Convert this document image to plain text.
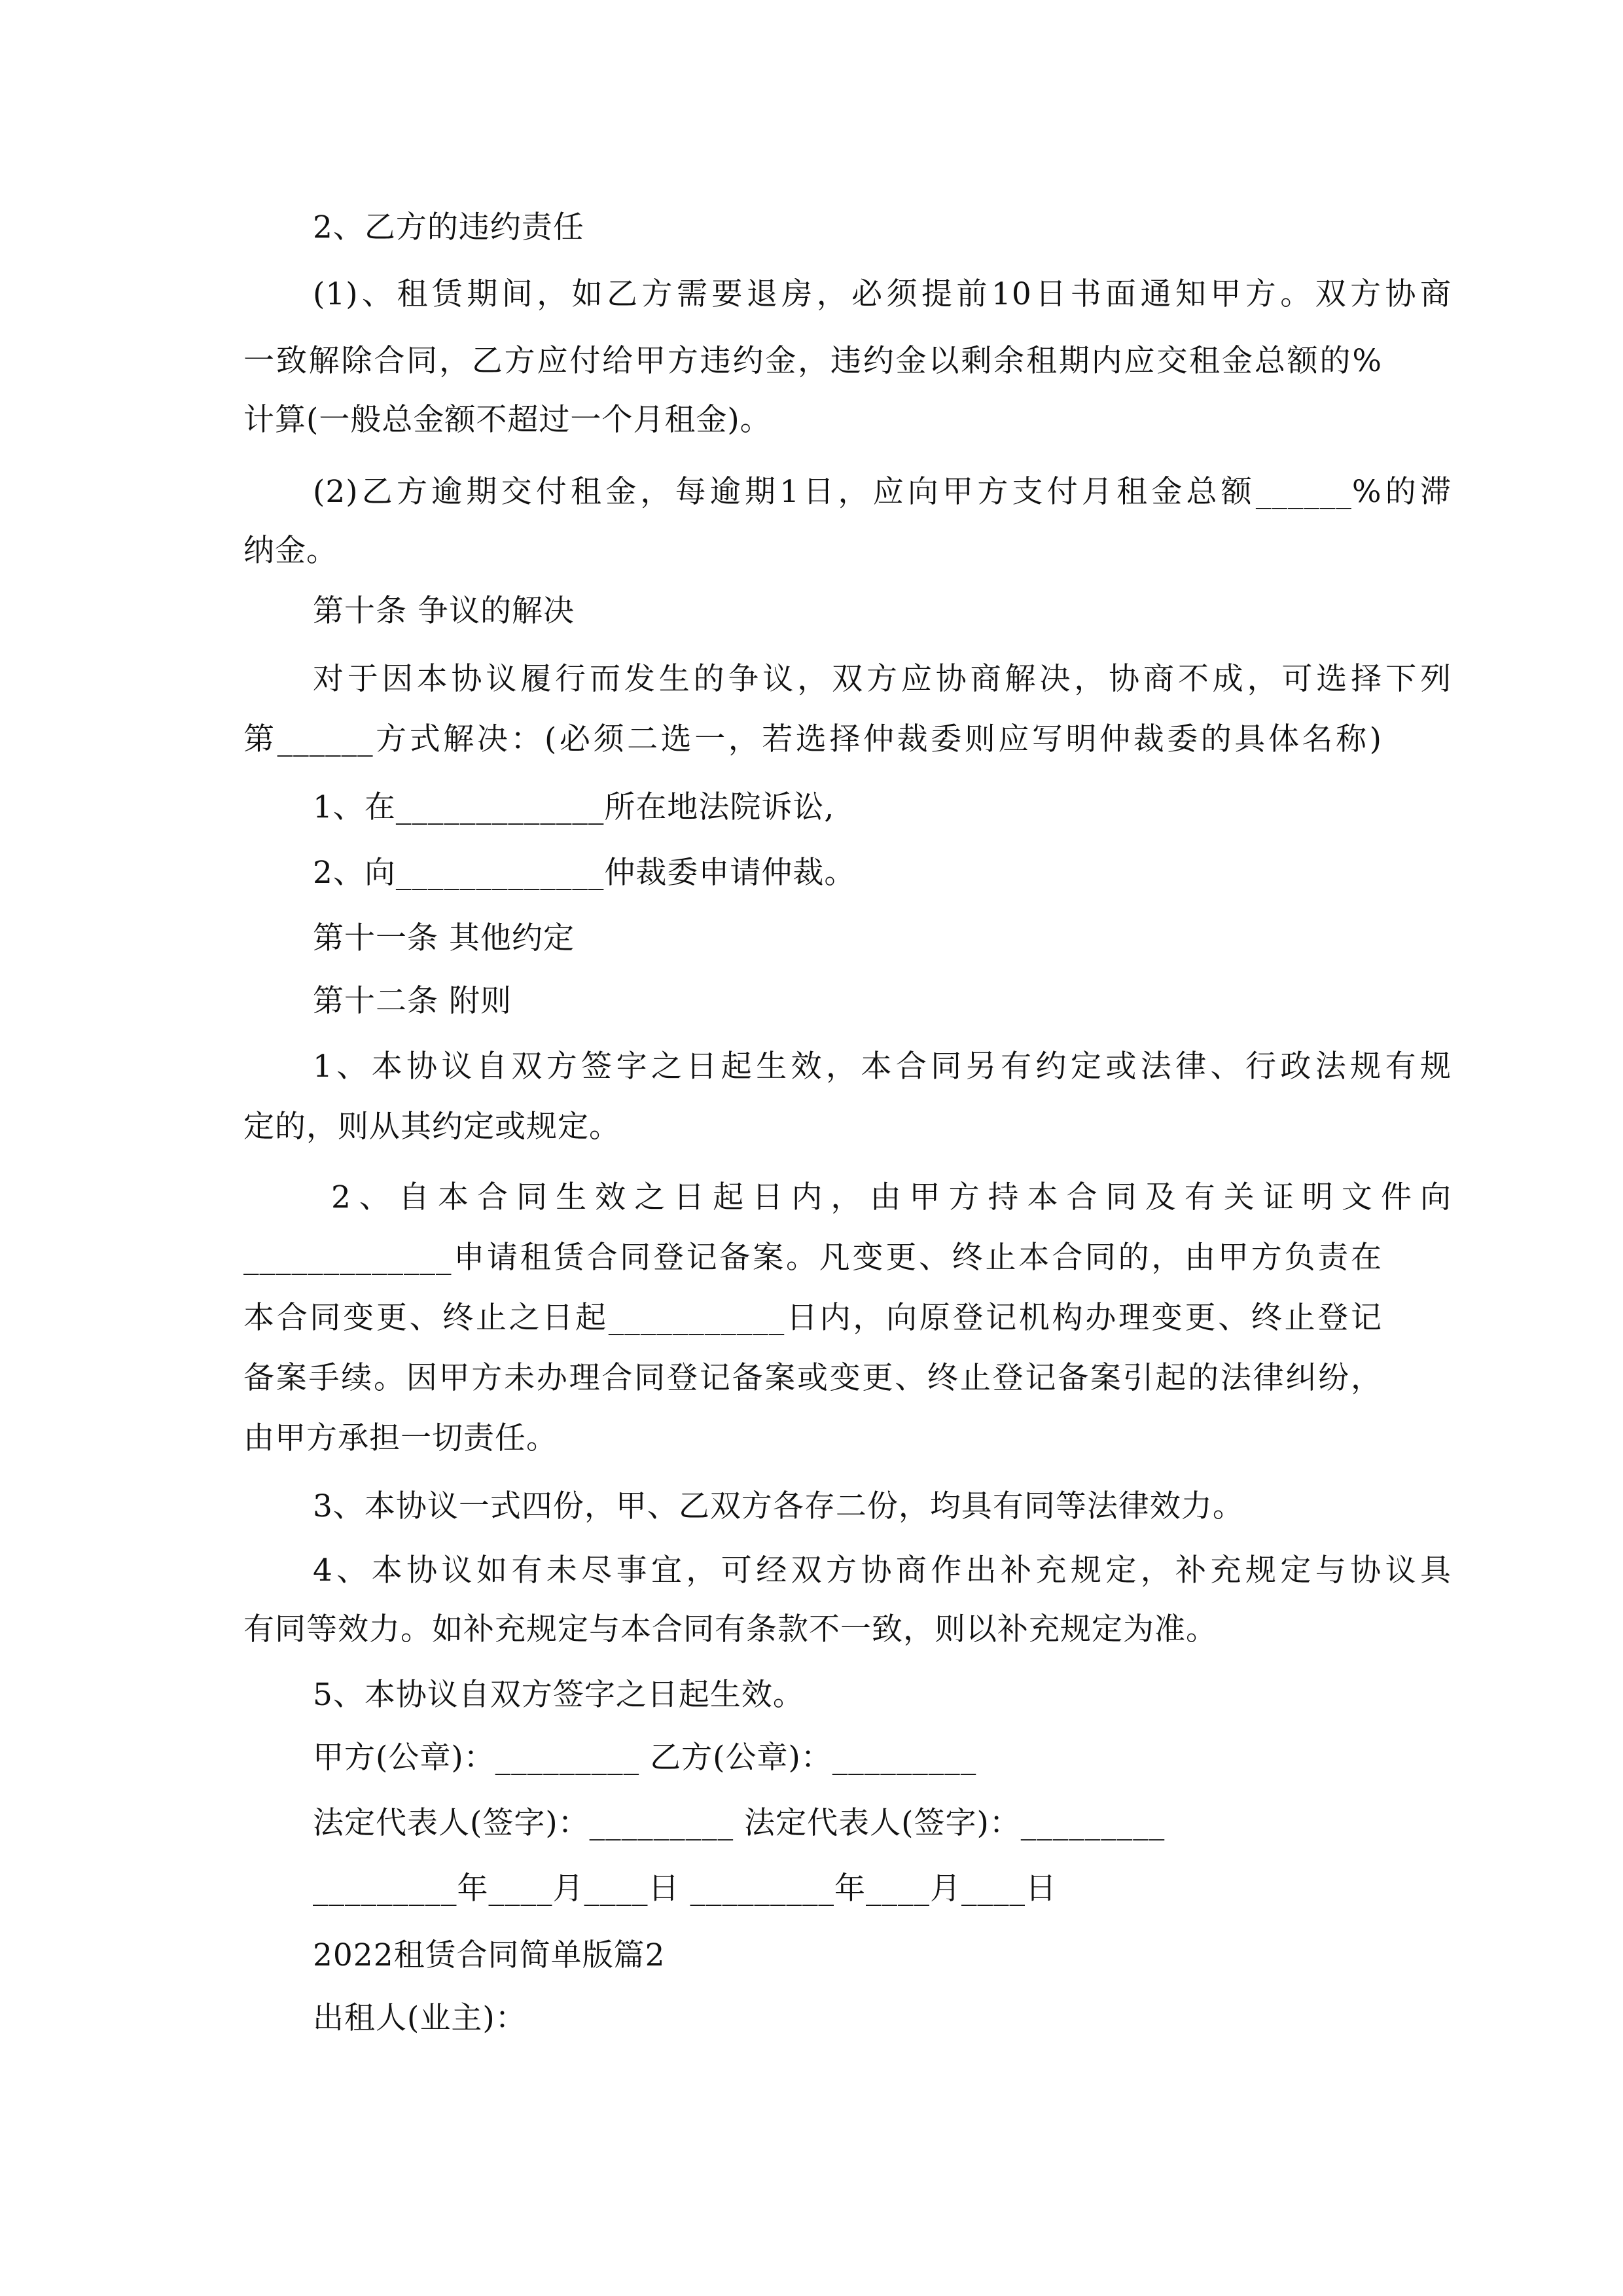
2、乙方的违约责任
(1)、租赁期间，如乙方需要退房，必须提前10日书面通知甲方。双方协商
一致解除合同，乙方应付给甲方违约金，违约金以剩余租期内应交租金总额的%
计算(一般总金额不超过一个月租金)。
(2)乙方逾期交付租金，每逾期1日，应向甲方支付月租金总额______%的滞
纳金。
第十条 争议的解决
对于因本协议履行而发生的争议，双方应协商解决，协商不成，可选择下列
第______方式解决：(必须二选一，若选择仲裁委则应写明仲裁委的具体名称)
1、在_____________所在地法院诉讼,
2、向_____________仲裁委申请仲裁。
第十一条 其他约定
第十二条 附则
1、本协议自双方签字之日起生效，本合同另有约定或法律、行政法规有规
定的，则从其约定或规定。
2、自本合同生效之日起日内，由甲方持本合同及有关证明文件向
_____________申请租赁合同登记备案。凡变更、终止本合同的，由甲方负责在
本合同变更、终止之日起___________日内，向原登记机构办理变更、终止登记
备案手续。因甲方未办理合同登记备案或变更、终止登记备案引起的法律纠纷，
由甲方承担一切责任。
3、本协议一式四份，甲、乙双方各存二份，均具有同等法律效力。
4、本协议如有未尽事宜，可经双方协商作出补充规定，补充规定与协议具
有同等效力。如补充规定与本合同有条款不一致，则以补充规定为准。
5、本协议自双方签字之日起生效。
甲方(公章)：_________ 乙方(公章)：_________
法定代表人(签字)：_________ 法定代表人(签字)：_________
_________年____月____日 _________年____月____日
2022租赁合同简单版篇2
出租人(业主)：
